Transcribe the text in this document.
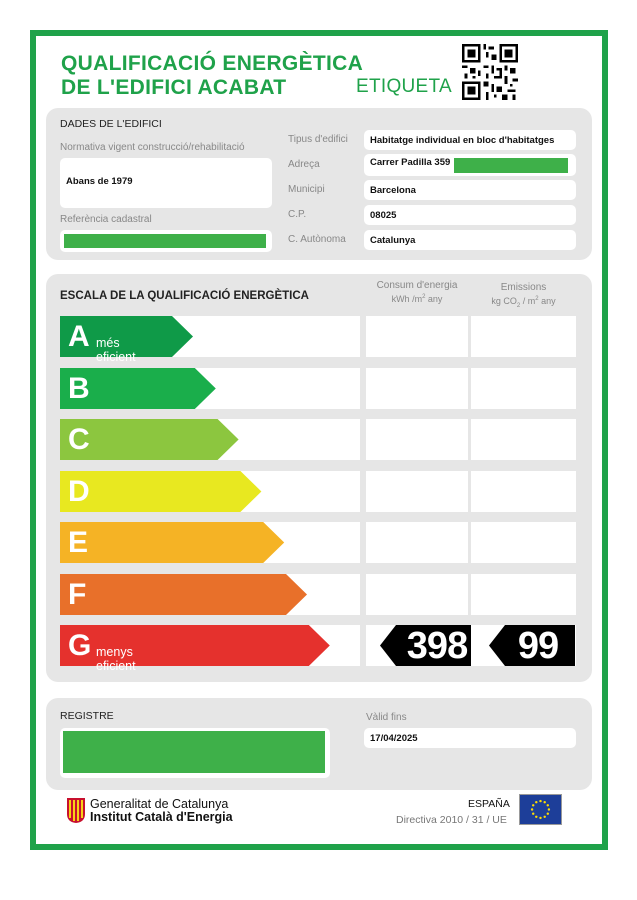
QUALIFICACIÓ ENERGÈTICA
DE L'EDIFICI ACABAT	ETIQUETA
DADES DE L'EDIFICI
Normativa vigent construcció/rehabilitació
Abans de 1979
Referència cadastral
Tipus d'edifici	Habitatge individual en bloc d'habitatges
Adreça	Carrer Padilla 359
Municipi	Barcelona
C.P.	08025
C. Autònoma	Catalunya
ESCALA DE LA QUALIFICACIÓ ENERGÈTICA
Consum d'energia
kWh $/m^2$ any
Emissions
kg $CO_2 / m^2$ any
A més eficient
B
C
D
E
F
G menys eficient	398	99
REGISTRE	Vàlid fins
17/04/2025
Generalitat de Catalunya
Institut Català d'Energia
ESPAÑA
Directiva 2010 / 31 / UE
